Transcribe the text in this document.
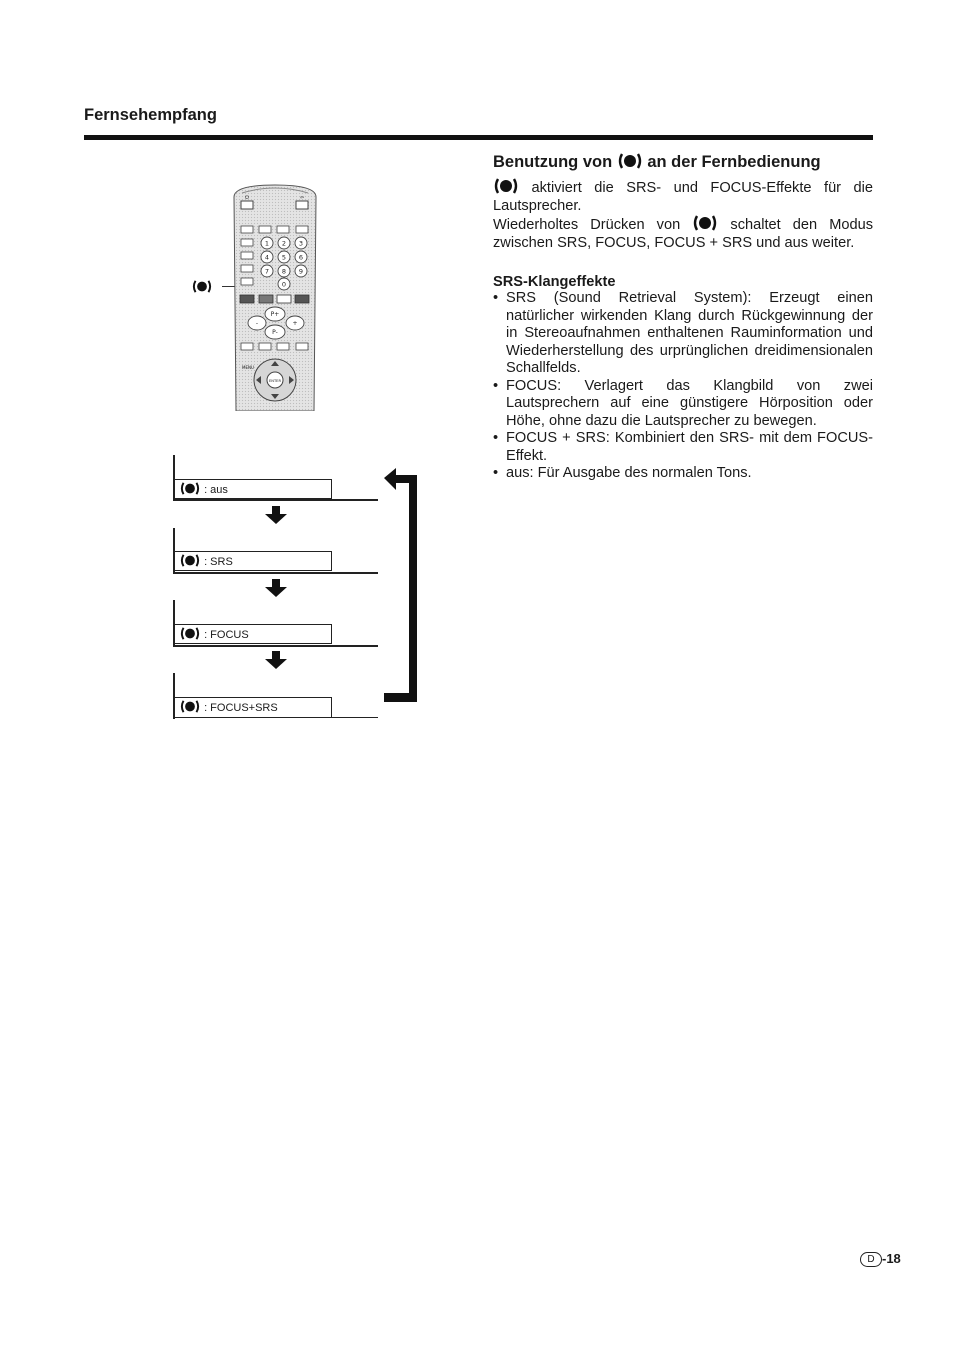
Fernsehempfang
Benutzung von an der Fernbedienung
aktiviert die SRS- und FOCUS-Effekte für die Lautsprecher.
Wiederholtes Drücken von	schaltet den Modus zwischen SRS, FOCUS, FOCUS + SRS und aus weiter.
SRS-Klangeffekte
• SRS (Sound Retrieval System): Erzeugt einen natürlicher wirkenden Klang durch Rückgewinnung der in Stereoaufnahmen enthaltenen Rauminformation und Wiederherstellung des urprünglichen dreidimensionalen Schallfelds.
• FOCUS: Verlagert das Klangbild von zwei Lautsprechern auf eine günstigere Hörposition oder Höhe, ohne dazu die Lautsprecher zu bewegen.
• FOCUS + SRS: Kombiniert den SRS- mit dem FOCUS-Effekt.
• aus: Für Ausgabe des normalen Tons.
⏻	⇦
1 2 3
4 5 6
7 8 9
0
P-
P+
-	+
MENU
ENTER
: aus
: SRS
: FOCUS
: FOCUS+SRS
D -18
